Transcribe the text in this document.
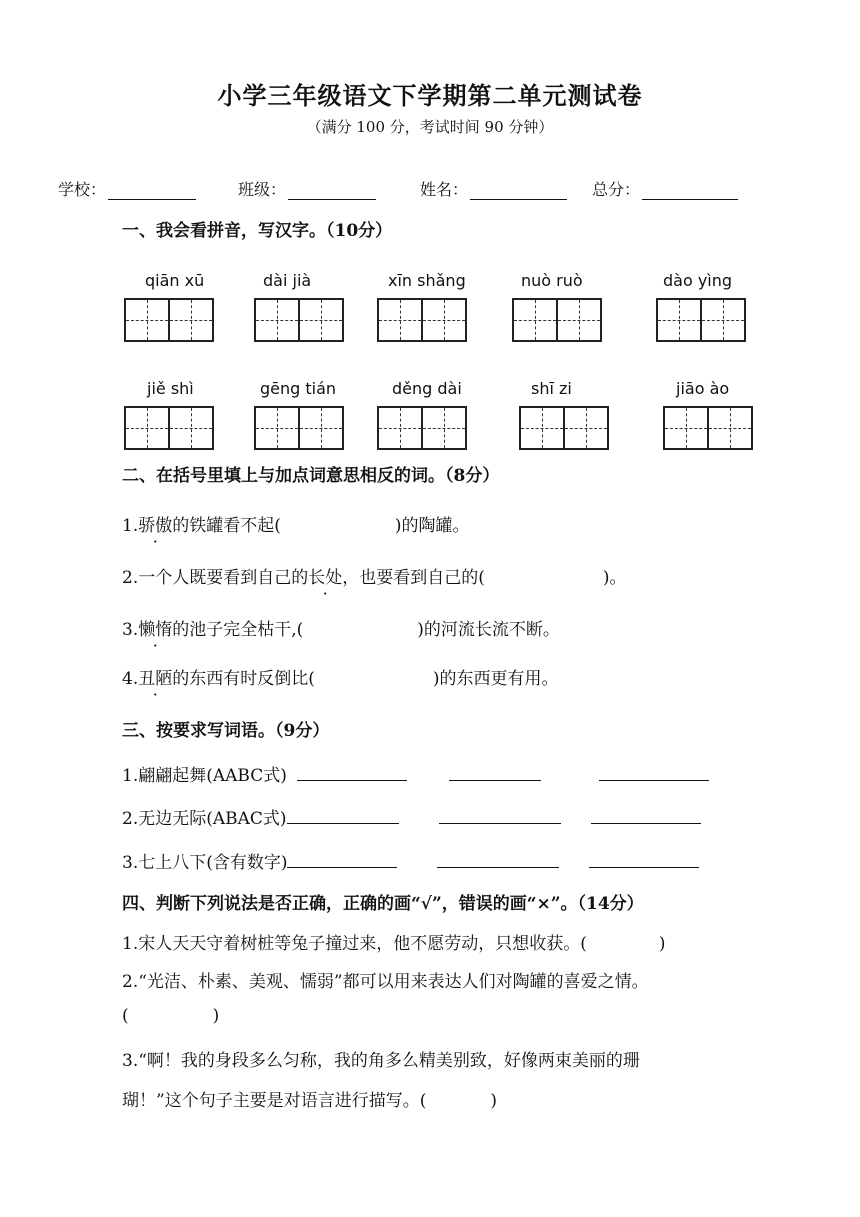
小学三年级语文下学期第二单元测试卷
（满分 100 分，考试时间 90 分钟）
学校：	班级：	姓名：	总分：
一、我会看拼音，写汉字。（10分）
qiān xū	dài jià	xīn shǎng	nuò ruò	dào yìng
jiě shì	gēng tián	děng dài	shī zi	jiāo ào
二、在括号里填上与加点词意思相反的词。（8分）
1.骄傲的铁罐看不起(	)的陶罐。
2.一个人既要看到自己的长处，也要看到自己的(	)。
3.懒惰的池子完全枯干,(	)的河流长流不断。
4.丑陋的东西有时反倒比(	)的东西更有用。
三、按要求写词语。（9分）
1.翩翩起舞(AABC式)
2.无边无际(ABAC式)
3.七上八下(含有数字)
四、判断下列说法是否正确，正确的画“√”，错误的画“×”。（14分）
1.宋人天天守着树桩等兔子撞过来，他不愿劳动，只想收获。(	)
2.“光洁、朴素、美观、懦弱”都可以用来表达人们对陶罐的喜爱之情。
(	)
3.“啊！我的身段多么匀称，我的角多么精美别致，好像两束美丽的珊
瑚！”这个句子主要是对语言进行描写。(	)
